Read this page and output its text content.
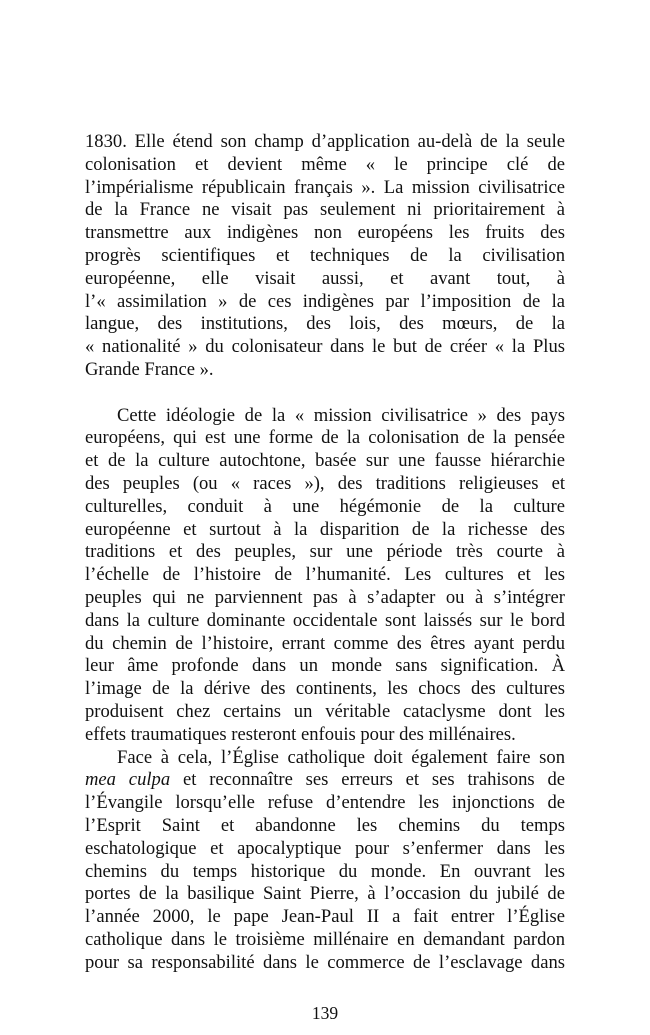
1830. Elle étend son champ d’application au-delà de la seule
colonisation et devient même « le principe clé de
l’impérialisme républicain français ». La mission civilisatrice
de la France ne visait pas seulement ni prioritairement à
transmettre aux indigènes non européens les fruits des
progrès scientifiques et techniques de la civilisation
européenne, elle visait aussi, et avant tout, à
l’« assimilation » de ces indigènes par l’imposition de la
langue, des institutions, des lois, des mœurs, de la
« nationalité » du colonisateur dans le but de créer « la Plus
Grande France ».
Cette idéologie de la « mission civilisatrice » des pays
européens, qui est une forme de la colonisation de la pensée
et de la culture autochtone, basée sur une fausse hiérarchie
des peuples (ou « races »), des traditions religieuses et
culturelles, conduit à une hégémonie de la culture
européenne et surtout à la disparition de la richesse des
traditions et des peuples, sur une période très courte à
l’échelle de l’histoire de l’humanité. Les cultures et les
peuples qui ne parviennent pas à s’adapter ou à s’intégrer
dans la culture dominante occidentale sont laissés sur le bord
du chemin de l’histoire, errant comme des êtres ayant perdu
leur âme profonde dans un monde sans signification. À
l’image de la dérive des continents, les chocs des cultures
produisent chez certains un véritable cataclysme dont les
effets traumatiques resteront enfouis pour des millénaires.
Face à cela, l’Église catholique doit également faire son
mea culpa et reconnaître ses erreurs et ses trahisons de
l’Évangile lorsqu’elle refuse d’entendre les injonctions de
l’Esprit Saint et abandonne les chemins du temps
eschatologique et apocalyptique pour s’enfermer dans les
chemins du temps historique du monde. En ouvrant les
portes de la basilique Saint Pierre, à l’occasion du jubilé de
l’année 2000, le pape Jean-Paul II a fait entrer l’Église
catholique dans le troisième millénaire en demandant pardon
pour sa responsabilité dans le commerce de l’esclavage dans
139
